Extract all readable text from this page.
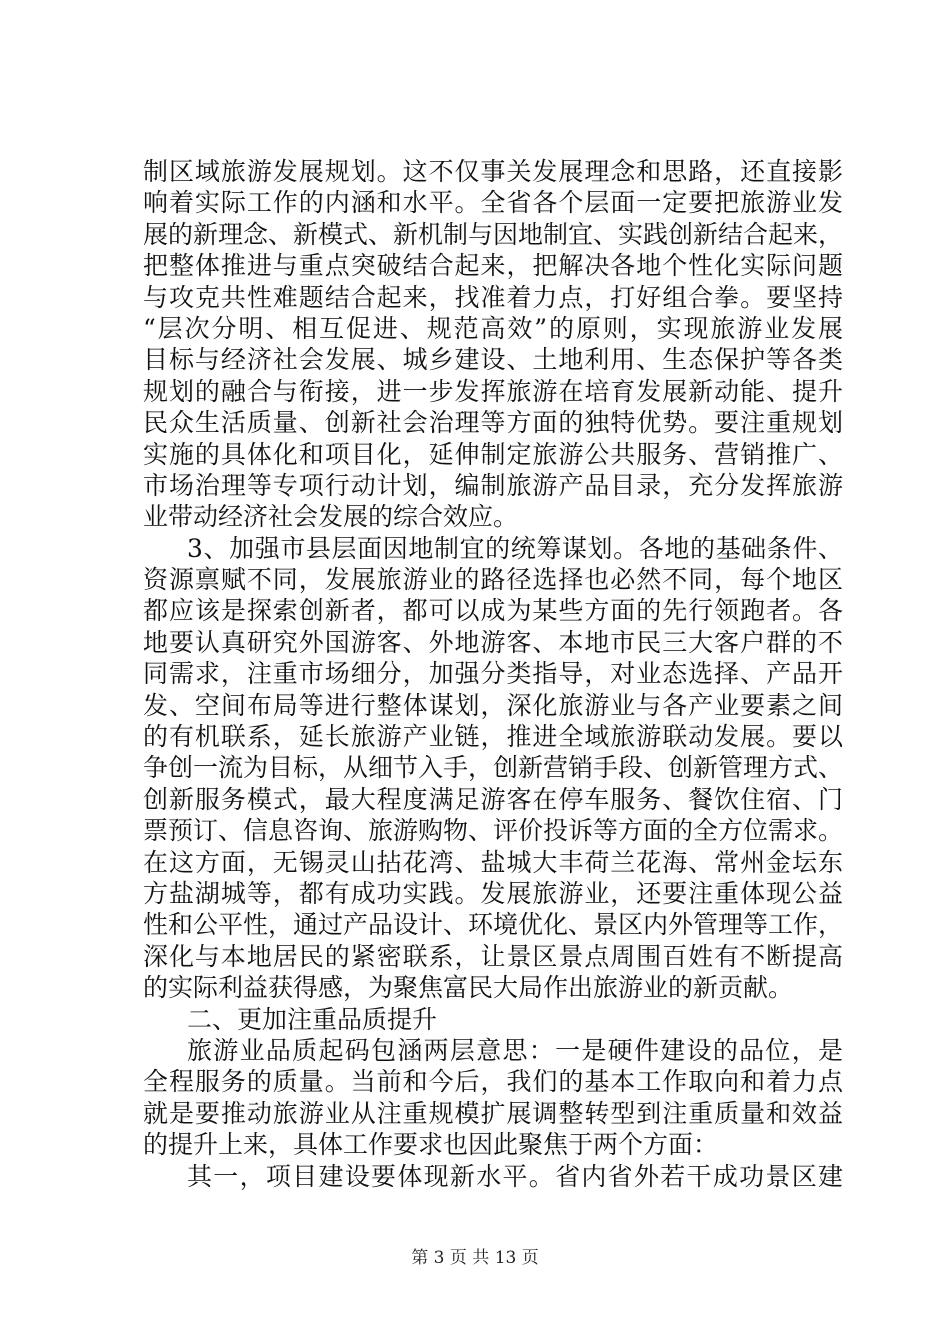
制区域旅游发展规划。这不仅事关发展理念和思路，还直接影
响着实际工作的内涵和水平。全省各个层面一定要把旅游业发
展的新理念、新模式、新机制与因地制宜、实践创新结合起来，
把整体推进与重点突破结合起来，把解决各地个性化实际问题
与攻克共性难题结合起来，找准着力点，打好组合拳。要坚持
“层次分明、相互促进、规范高效”的原则，实现旅游业发展
目标与经济社会发展、城乡建设、土地利用、生态保护等各类
规划的融合与衔接，进一步发挥旅游在培育发展新动能、提升
民众生活质量、创新社会治理等方面的独特优势。要注重规划
实施的具体化和项目化，延伸制定旅游公共服务、营销推广、
市场治理等专项行动计划，编制旅游产品目录，充分发挥旅游
业带动经济社会发展的综合效应。
3、加强市县层面因地制宜的统筹谋划。各地的基础条件、
资源禀赋不同，发展旅游业的路径选择也必然不同，每个地区
都应该是探索创新者，都可以成为某些方面的先行领跑者。各
地要认真研究外国游客、外地游客、本地市民三大客户群的不
同需求，注重市场细分，加强分类指导，对业态选择、产品开
发、空间布局等进行整体谋划，深化旅游业与各产业要素之间
的有机联系，延长旅游产业链，推进全域旅游联动发展。要以
争创一流为目标，从细节入手，创新营销手段、创新管理方式、
创新服务模式，最大程度满足游客在停车服务、餐饮住宿、门
票预订、信息咨询、旅游购物、评价投诉等方面的全方位需求。
在这方面，无锡灵山拈花湾、盐城大丰荷兰花海、常州金坛东
方盐湖城等，都有成功实践。发展旅游业，还要注重体现公益
性和公平性，通过产品设计、环境优化、景区内外管理等工作，
深化与本地居民的紧密联系，让景区景点周围百姓有不断提高
的实际利益获得感，为聚焦富民大局作出旅游业的新贡献。
二、更加注重品质提升
旅游业品质起码包涵两层意思：一是硬件建设的品位，是
全程服务的质量。当前和今后，我们的基本工作取向和着力点
就是要推动旅游业从注重规模扩展调整转型到注重质量和效益
的提升上来，具体工作要求也因此聚焦于两个方面：
其一，项目建设要体现新水平。省内省外若干成功景区建
第 3 页 共 13 页
